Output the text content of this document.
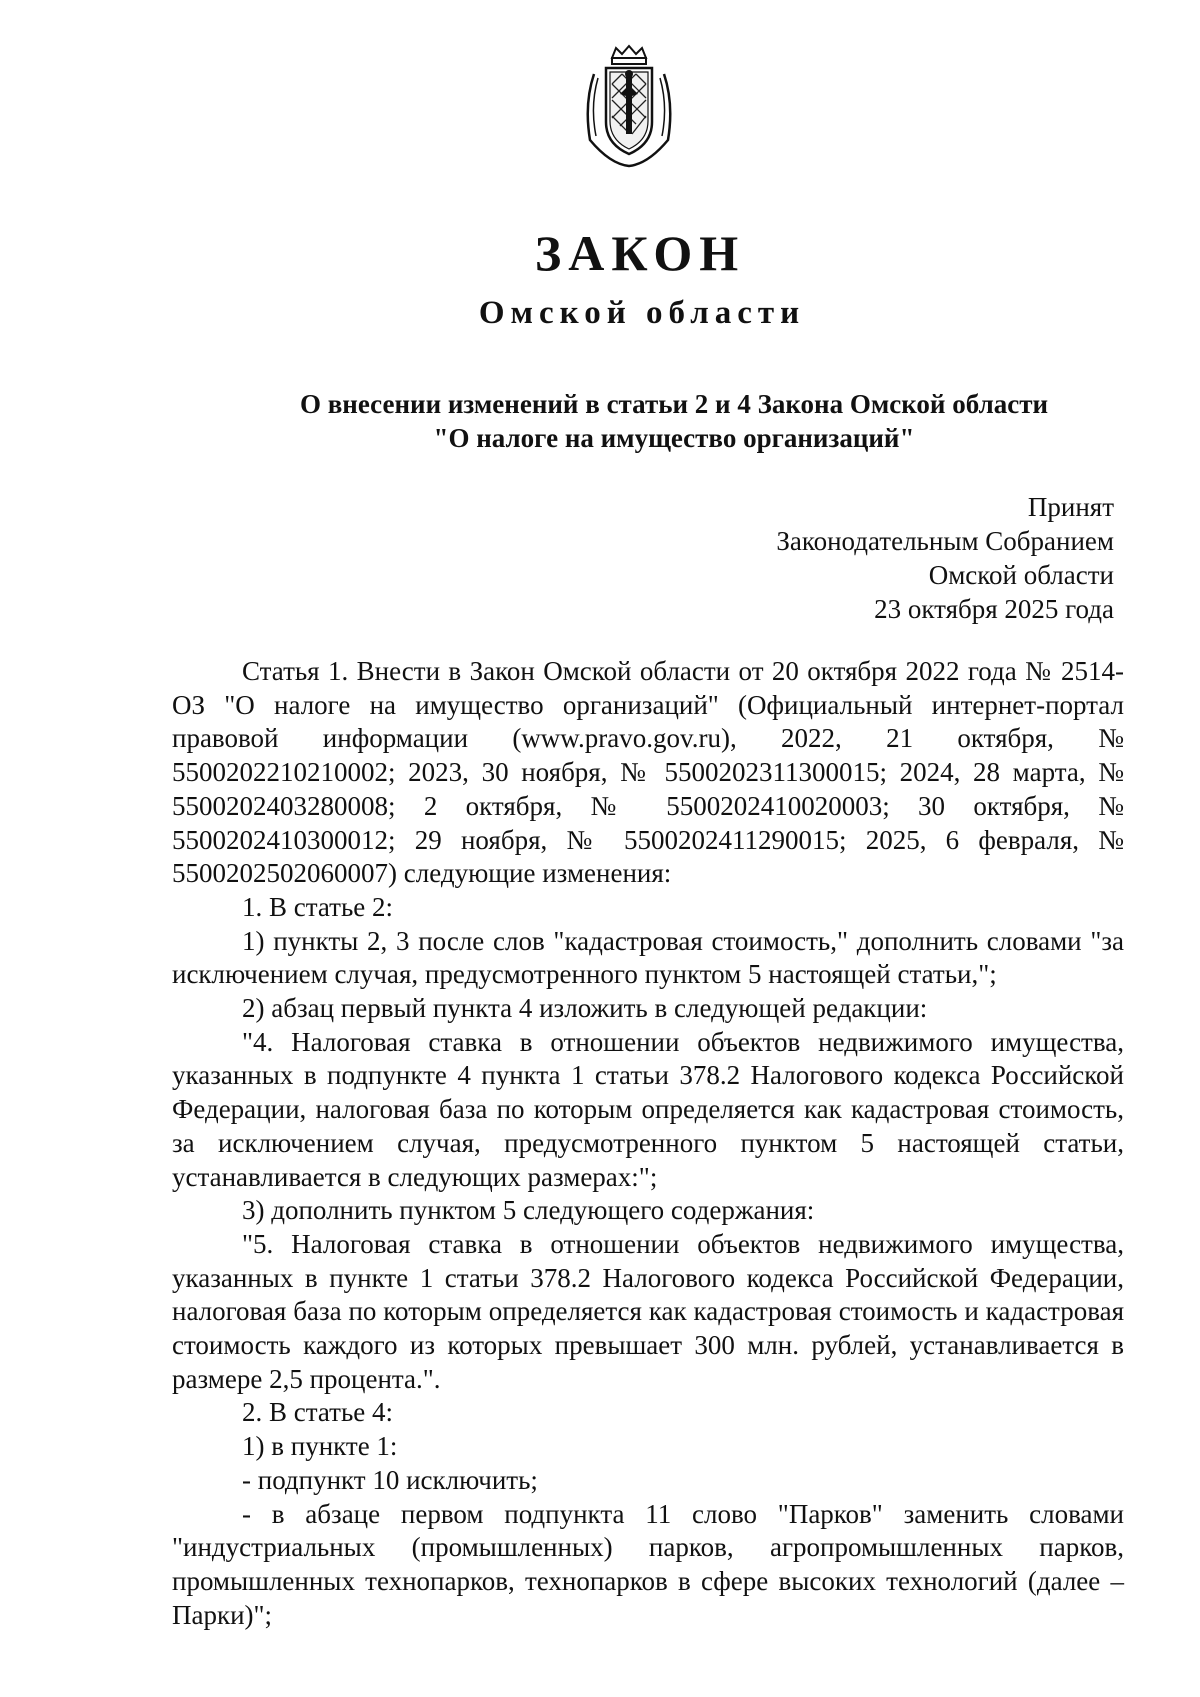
ЗАКОН
Омской области
О внесении изменений в статьи 2 и 4 Закона Омской области
"О налоге на имущество организаций"
Принят
Законодательным Собранием
Омской области
23 октября 2025 года

Статья 1. Внести в Закон Омской области от 20 октября 2022 года № 2514-ОЗ "О налоге на имущество организаций" (Официальный интернет-портал правовой информации (www.pravo.gov.ru), 2022, 21 октября, № 5500202210210002; 2023, 30 ноября, № 5500202311300015; 2024, 28 марта, № 5500202403280008; 2 октября, № 5500202410020003; 30 октября, № 5500202410300012; 29 ноября, № 5500202411290015; 2025, 6 февраля, № 5500202502060007) следующие изменения:

1. В статье 2:

1) пункты 2, 3 после слов "кадастровая стоимость," дополнить словами "за исключением случая, предусмотренного пунктом 5 настоящей статьи,";

2) абзац первый пункта 4 изложить в следующей редакции:

"4. Налоговая ставка в отношении объектов недвижимого имущества, указанных в подпункте 4 пункта 1 статьи 378.2 Налогового кодекса Российской Федерации, налоговая база по которым определяется как кадастровая стоимость, за исключением случая, предусмотренного пунктом 5 настоящей статьи, устанавливается в следующих размерах:";

3) дополнить пунктом 5 следующего содержания:

"5. Налоговая ставка в отношении объектов недвижимого имущества, указанных в пункте 1 статьи 378.2 Налогового кодекса Российской Федерации, налоговая база по которым определяется как кадастровая стоимость и кадастровая стоимость каждого из которых превышает 300 млн. рублей, устанавливается в размере 2,5 процента.".

2. В статье 4:

1) в пункте 1:

- подпункт 10 исключить;

- в абзаце первом подпункта 11 слово "Парков" заменить словами "индустриальных (промышленных) парков, агропромышленных парков, промышленных технопарков, технопарков в сфере высоких технологий (далее – Парки)";
